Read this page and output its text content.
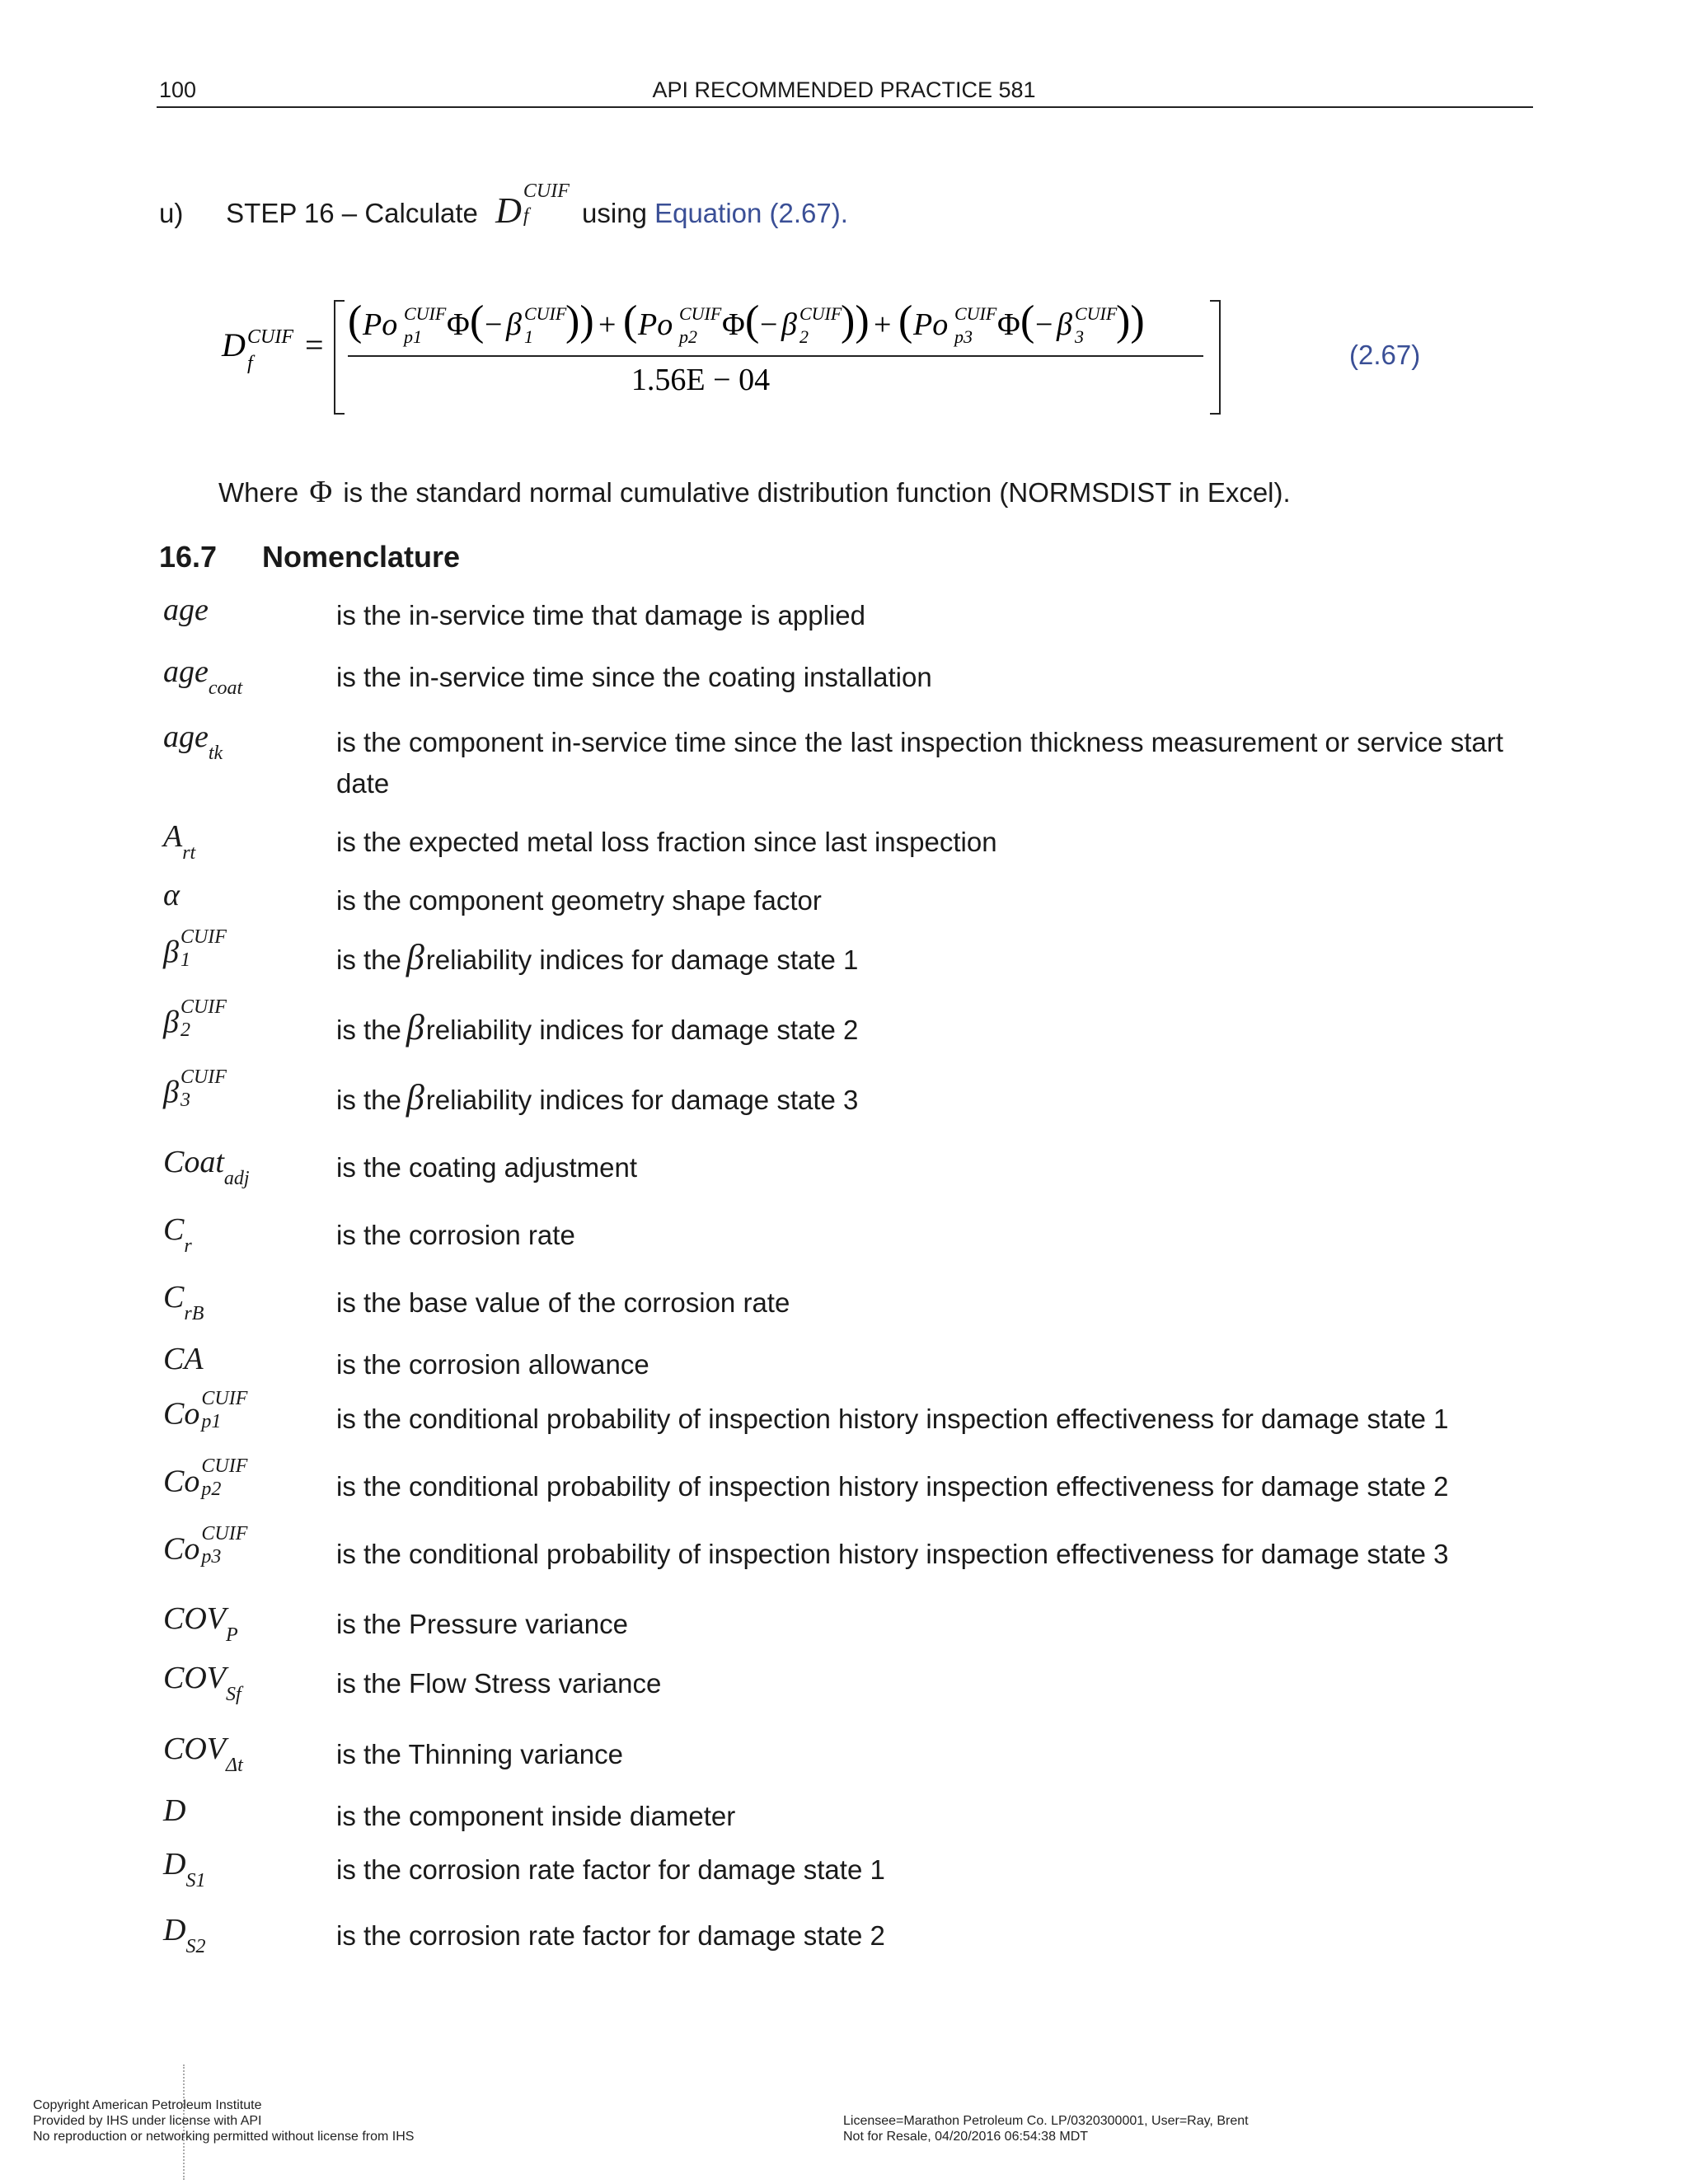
100	API RECOMMENDED PRACTICE 581
u) STEP 16 – Calculate D CUIF
f	using Equation (2.67).
D CUIF
f =
( Po CUIF
p1 Φ ( − β CUIF
1 )) + ( Po CUIF
p2 Φ ( − β CUIF
2 )) + ( Po CUIF
p3 Φ ( − β CUIF
3 ))
1.56E − 04
(2.67)
Where Φ is the standard normal cumulative distribution function (NORMSDIST in Excel).
16.7 Nomenclature
age	is the in-service time that damage is applied
age$_{coat}$	is the in-service time since the coating installation
age$_{tk}$	is the component in-service time since the last inspection thickness measurement or service start date
$A_{rt}$	is the expected metal loss fraction since last inspection
α	is the component geometry shape factor
β CUIF
1	is the βreliability indices for damage state 1
β CUIF
2	is the βreliability indices for damage state 2
β CUIF
3	is the βreliability indices for damage state 3
Coat$_{adj}$	is the coating adjustment
$C_r$	is the corrosion rate
$C_{rB}$	is the base value of the corrosion rate
CA	is the corrosion allowance
Co CUIF
p1	is the conditional probability of inspection history inspection effectiveness for damage state 1
Co CUIF
p2	is the conditional probability of inspection history inspection effectiveness for damage state 2
Co CUIF
p3	is the conditional probability of inspection history inspection effectiveness for damage state 3
$COV_P$	is the Pressure variance
$COV_{Sf}$	is the Flow Stress variance
$COV_{\Delta t}$	is the Thinning variance
D	is the component inside diameter
$D_{S1}$	is the corrosion rate factor for damage state 1
$D_{S2}$	is the corrosion rate factor for damage state 2
Copyright American Petroleum Institute
Provided by IHS under license with API
No reproduction or networking permitted without license from IHS
Licensee=Marathon Petroleum Co. LP/0320300001, User=Ray, Brent
Not for Resale, 04/20/2016 06:54:38 MDT
